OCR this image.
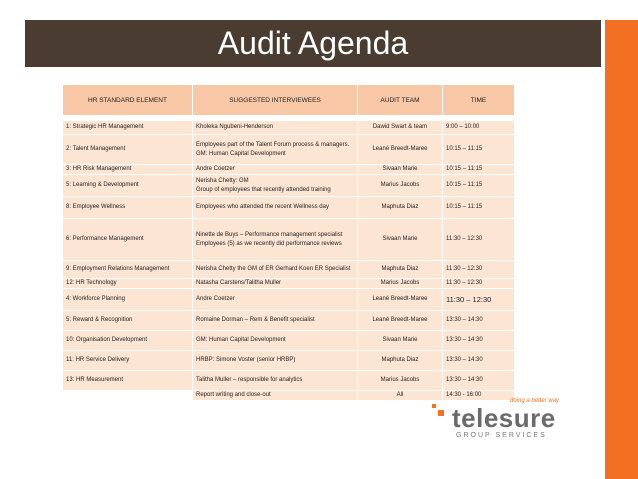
Audit Agenda
HR STANDARD ELEMENT	SUGGESTED INTERVIEWEES	AUDIT TEAM	TIME

1: Strategic HR Management	Kholeka Ngubeni-Henderson	Dawid Swart & team	9:00 – 10:00
2: Talent Management	Employees part of the Talent Forum process & managers.
GM: Human Capital Development	Leané Breedt-Maree	10:15 – 11:15
3: HR Risk Management	Andre Coetzer	Sivaan Marie	10:15 – 11:15
5: Learning & Development	Nerisha Chetty: GM
Group of employees that recently attended training	Marius Jacobs	10:15 – 11:15
8: Employee Wellness	Employees who attended the recent Wellness day	Maphuta Diaz	10:15 – 11:15
6: Performance Management	Ninette de Buys – Performance management specialist
Employees (5) as we recently did performance reviews	Sivaan Marie	11:30 – 12:30
9: Employment Relations Management	Nerisha Chetty the GM of ER Gerhard Koen ER Specialist	Maphuta Diaz	11:30 – 12:30
12: HR Technology	Natasha Carstens/Talitha Muller	Marius Jacobs	11:30 – 12:30
4: Workforce Planning	Andre Coetzer	Leané Breedt-Maree	11:30 – 12:30
5: Reward & Recognition	Romaine Dorman – Rem & Benefit specialist	Leané Breedt-Maree	13:30 – 14:30
10: Organisation Development	GM: Human Capital Development	Sivaan Marie	13:30 – 14:30
11: HR Service Delivery	HRBP: Simone Voster (senior HRBP)	Maphuta Diaz	13:30 – 14:30
13: HR Measurement	Talitha Muller – responsible for analytics	Marius Jacobs	13:30 – 14:30
	Report writing and close-out	All	14:30 - 16:00
doing a better way
telesure
GROUP SERVICES
